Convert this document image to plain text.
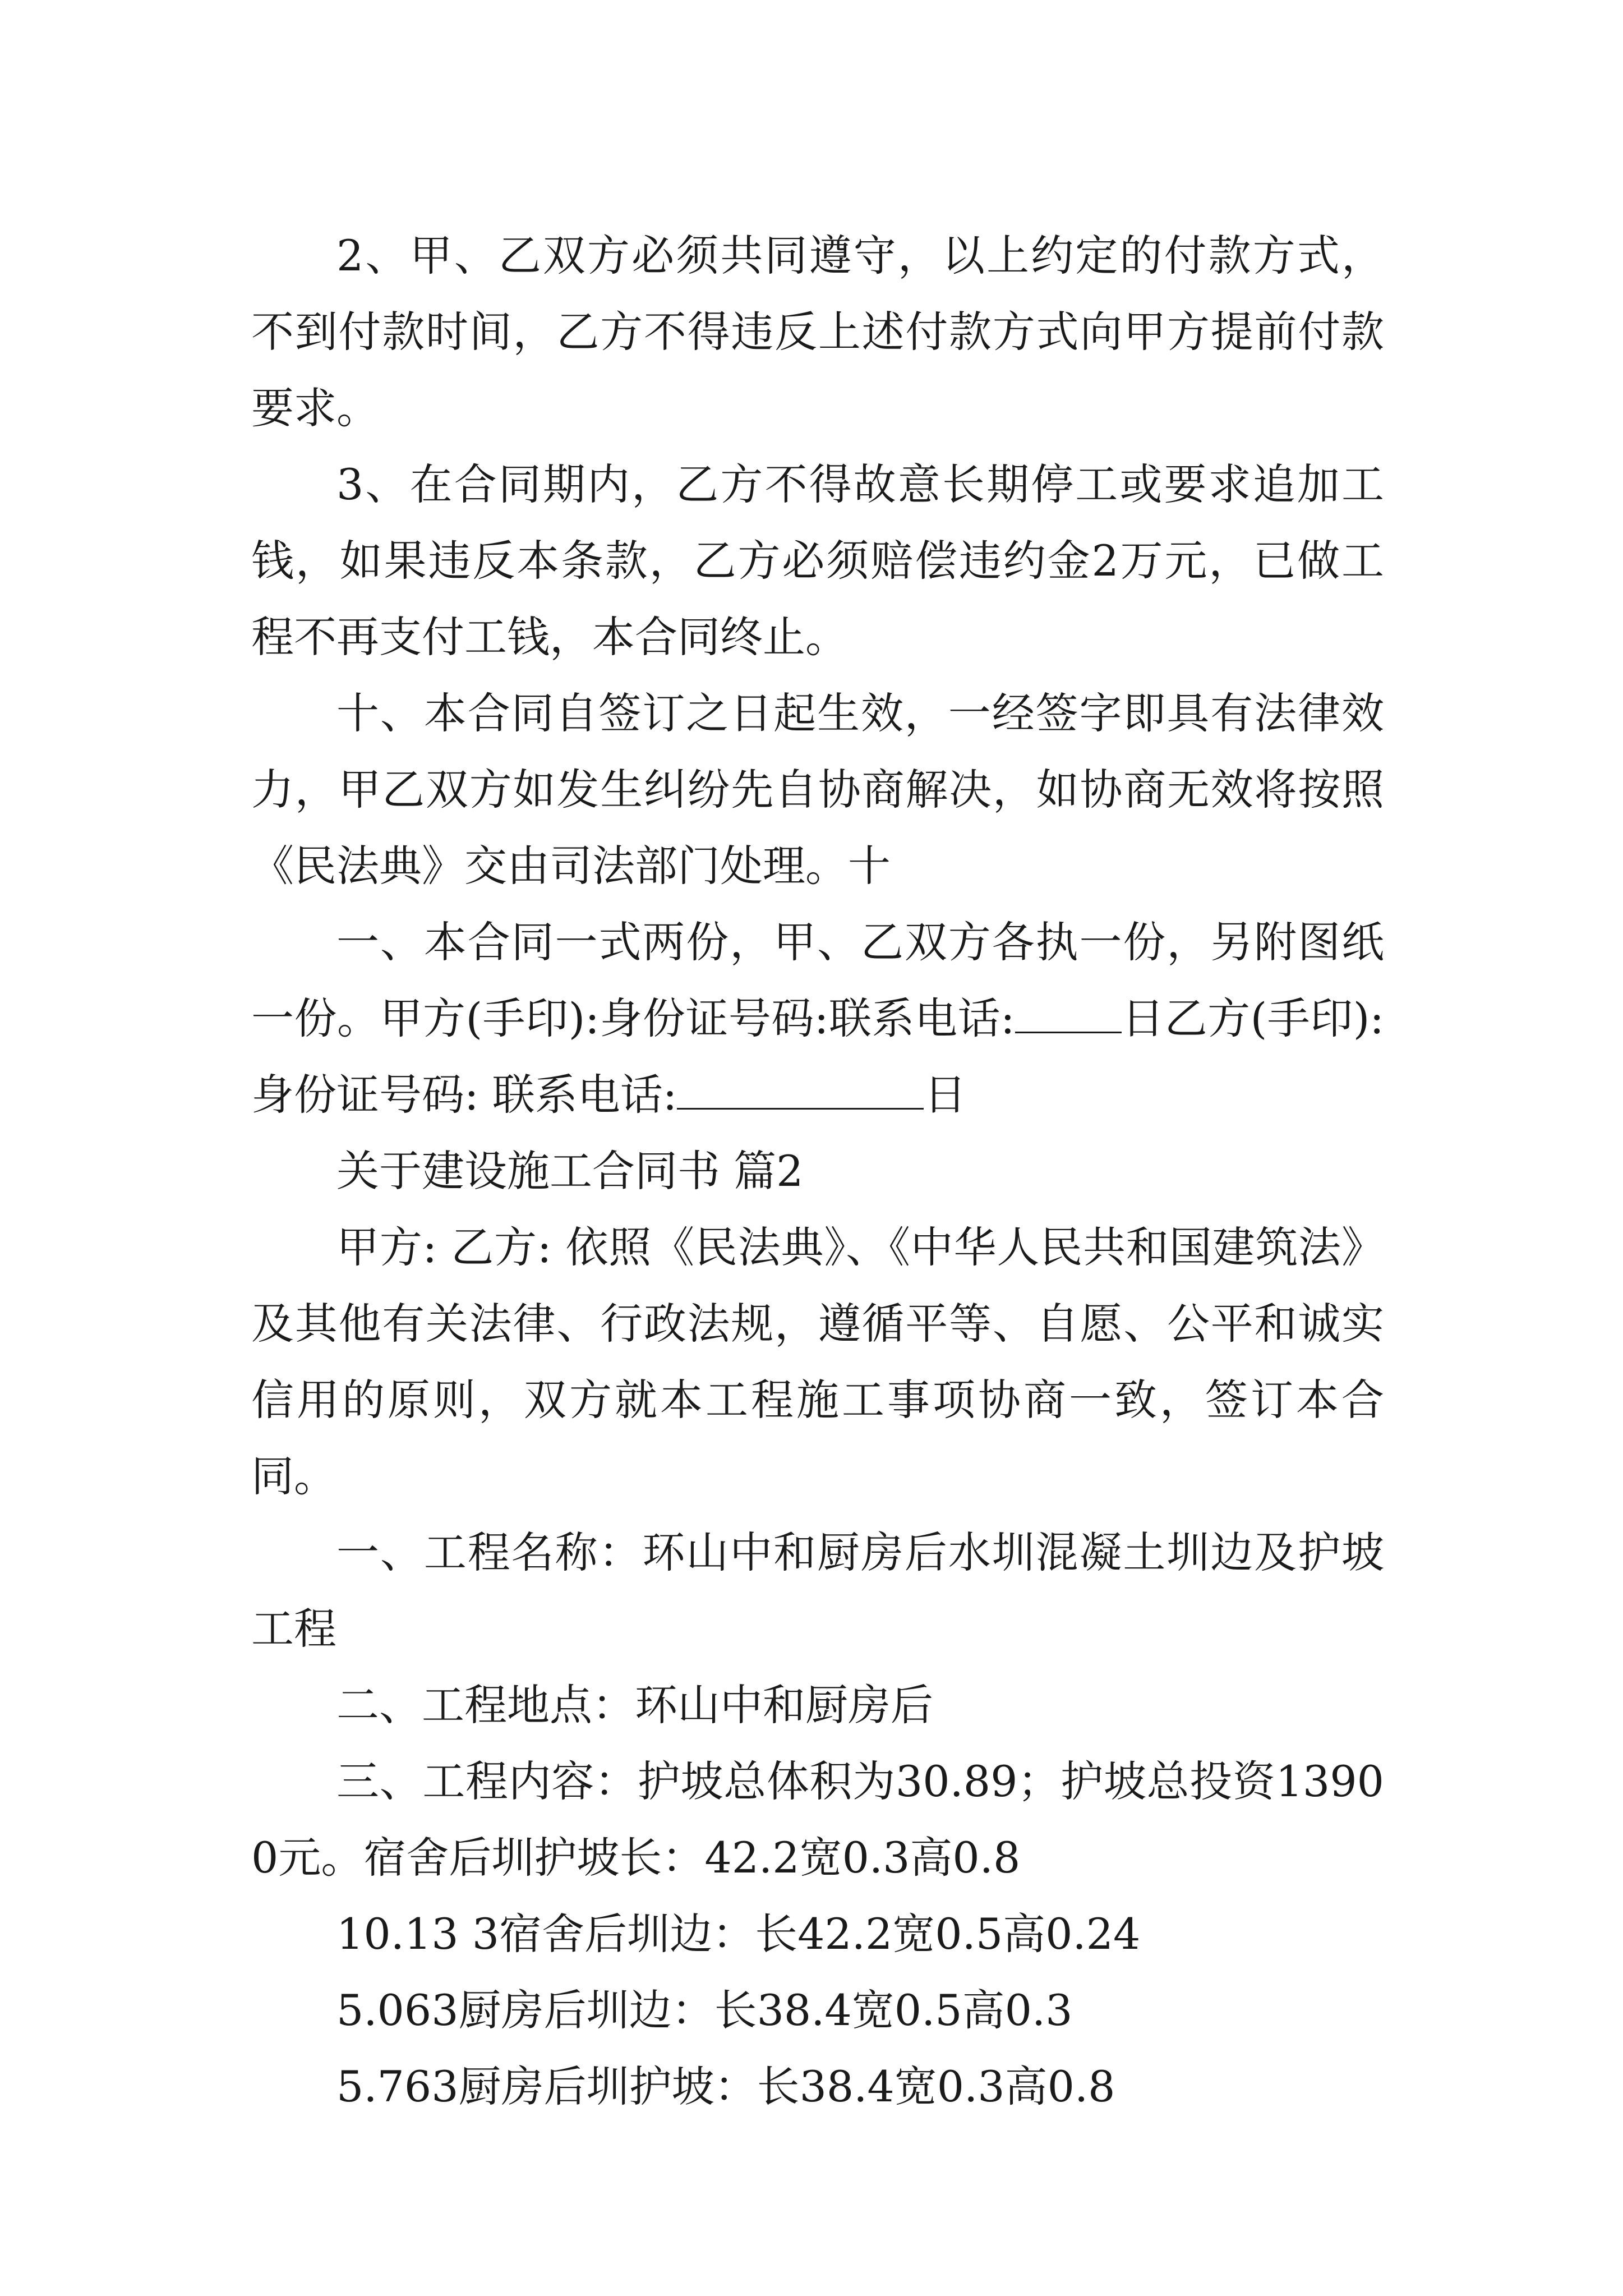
2、甲、乙双方必须共同遵守，以上约定的付款方式，不到付款时间，乙方不得违反上述付款方式向甲方提前付款要求。

3、在合同期内，乙方不得故意长期停工或要求追加工钱，如果违反本条款，乙方必须赔偿违约金2万元，已做工程不再支付工钱，本合同终止。

十、本合同自签订之日起生效，一经签字即具有法律效力，甲乙双方如发生纠纷先自协商解决，如协商无效将按照《民法典》交由司法部门处理。十

一、本合同一式两份，甲、乙双方各执一份，另附图纸一份。甲方(手印):身份证号码:联系电话:	日乙方(手印):身份证号码: 联系电话:	日

关于建设施工合同书 篇2

甲方: 乙方: 依照《民法典》、《中华人民共和国建筑法》及其他有关法律、行政法规，遵循平等、自愿、公平和诚实信用的原则，双方就本工程施工事项协商一致，签订本合同。

一、工程名称：环山中和厨房后水圳混凝土圳边及护坡工程

二、工程地点：环山中和厨房后

三、工程内容：护坡总体积为30.89；护坡总投资13900元。宿舍后圳护坡长：42.2宽0.3高0.8

10.13 3宿舍后圳边：长42.2宽0.5高0.24

5.063厨房后圳边：长38.4宽0.5高0.3

5.763厨房后圳护坡：长38.4宽0.3高0.8
